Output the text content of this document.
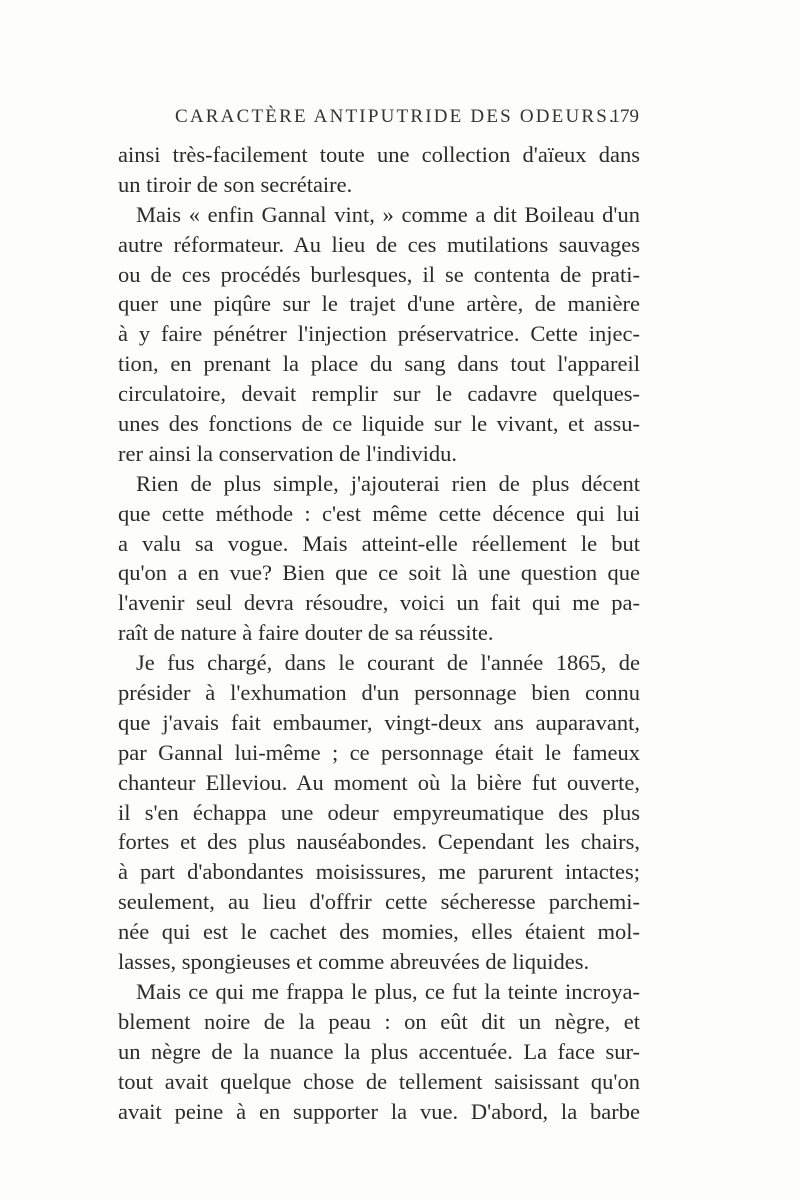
CARACTÈRE ANTIPUTRIDE DES ODEURS.
179
ainsi très-facilement toute une collection d'aïeux dans
un tiroir de son secrétaire.
Mais « enfin Gannal vint, » comme a dit Boileau d'un
autre réformateur. Au lieu de ces mutilations sauvages
ou de ces procédés burlesques, il se contenta de prati-
quer une piqûre sur le trajet d'une artère, de manière
à y faire pénétrer l'injection préservatrice. Cette injec-
tion, en prenant la place du sang dans tout l'appareil
circulatoire, devait remplir sur le cadavre quelques-
unes des fonctions de ce liquide sur le vivant, et assu-
rer ainsi la conservation de l'individu.
Rien de plus simple, j'ajouterai rien de plus décent
que cette méthode : c'est même cette décence qui lui
a valu sa vogue. Mais atteint-elle réellement le but
qu'on a en vue? Bien que ce soit là une question que
l'avenir seul devra résoudre, voici un fait qui me pa-
raît de nature à faire douter de sa réussite.
Je fus chargé, dans le courant de l'année 1865, de
présider à l'exhumation d'un personnage bien connu
que j'avais fait embaumer, vingt-deux ans auparavant,
par Gannal lui-même ; ce personnage était le fameux
chanteur Elleviou. Au moment où la bière fut ouverte,
il s'en échappa une odeur empyreumatique des plus
fortes et des plus nauséabondes. Cependant les chairs,
à part d'abondantes moisissures, me parurent intactes;
seulement, au lieu d'offrir cette sécheresse parchemi-
née qui est le cachet des momies, elles étaient mol-
lasses, spongieuses et comme abreuvées de liquides.
Mais ce qui me frappa le plus, ce fut la teinte incroya-
blement noire de la peau : on eût dit un nègre, et
un nègre de la nuance la plus accentuée. La face sur-
tout avait quelque chose de tellement saisissant qu'on
avait peine à en supporter la vue. D'abord, la barbe
